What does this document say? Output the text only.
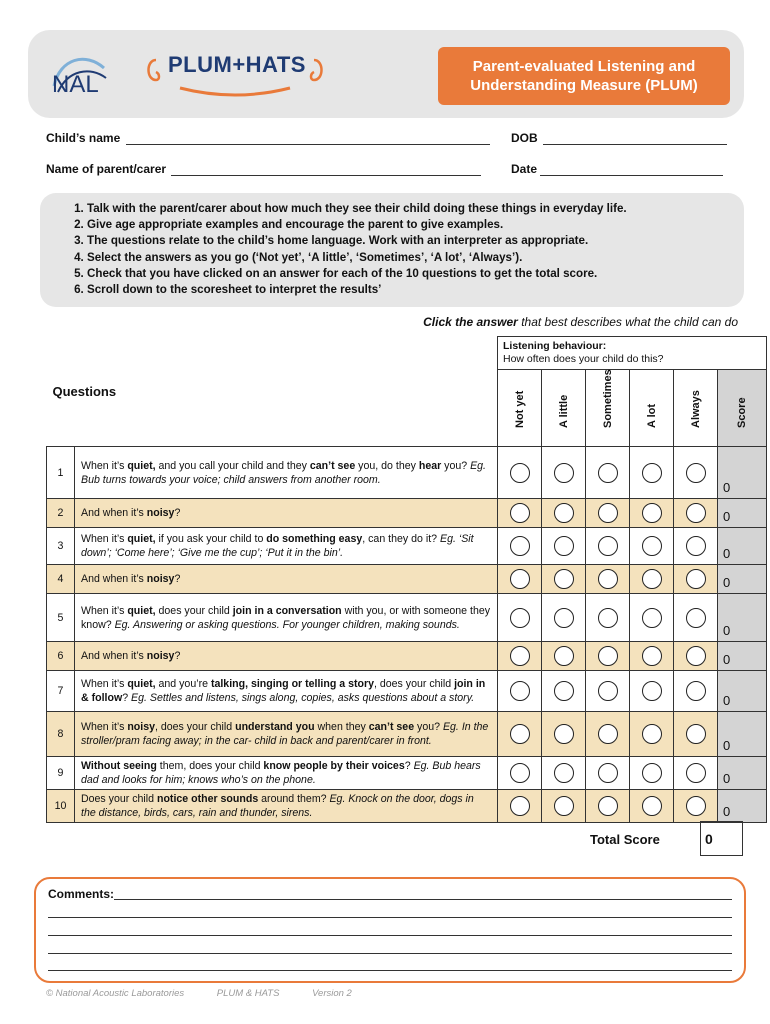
NAL
PLUM+HATS	Parent-evaluated Listening and
Understanding Measure (PLUM)
Child’s name	DOB
Name of parent/carer	Date
1. Talk with the parent/carer about how much they see their child doing these things in everyday life.
2. Give age appropriate examples and encourage the parent to give examples.
3. The questions relate to the child’s home language. Work with an interpreter as appropriate.
4. Select the answers as you go (‘Not yet’, ‘A little’, ‘Sometimes’, ‘A lot’, ‘Always’).
5. Check that you have clicked on an answer for each of the 10 questions to get the total score.
6. Scroll down to the scoresheet to interpret the results’
Click the answer that best describes what the child can do
Questions		Listening behaviour:
How often does your child do this?					

		Not yet	A little	Sometimes	A lot	Always	Score

1	When it’s quiet, and you call your child and they can’t see you, do they hear you? Eg. Bub turns towards your voice; child answers from another room.						0
2	And when it’s noisy?						0
3	When it’s quiet, if you ask your child to do something easy, can they do it? Eg. ‘Sit down’; ‘Come here’; ‘Give me the cup’; ‘Put it in the bin’.						0
4	And when it’s noisy?						0
5	When it’s quiet, does your child join in a conversation with you, or with someone they know? Eg. Answering or asking questions. For younger children, making sounds.						0
6	And when it’s noisy?						0
7	When it’s quiet, and you’re talking, singing or telling a story, does your child join in & follow? Eg. Settles and listens, sings along, copies, asks questions about a story.						0
8	When it’s noisy, does your child understand you when they can’t see you? Eg. In the stroller/pram facing away; in the car- child in back and parent/carer in front.						0
9	Without seeing them, does your child know people by their voices? Eg. Bub hears dad and looks for him; knows who’s on the phone.						0
10	Does your child notice other sounds around them? Eg. Knock on the door, dogs in the distance, birds, cars, rain and thunder, sirens.						0
Total Score	0
Comments:
© National Acoustic Laboratories	PLUM & HATS	Version 2
